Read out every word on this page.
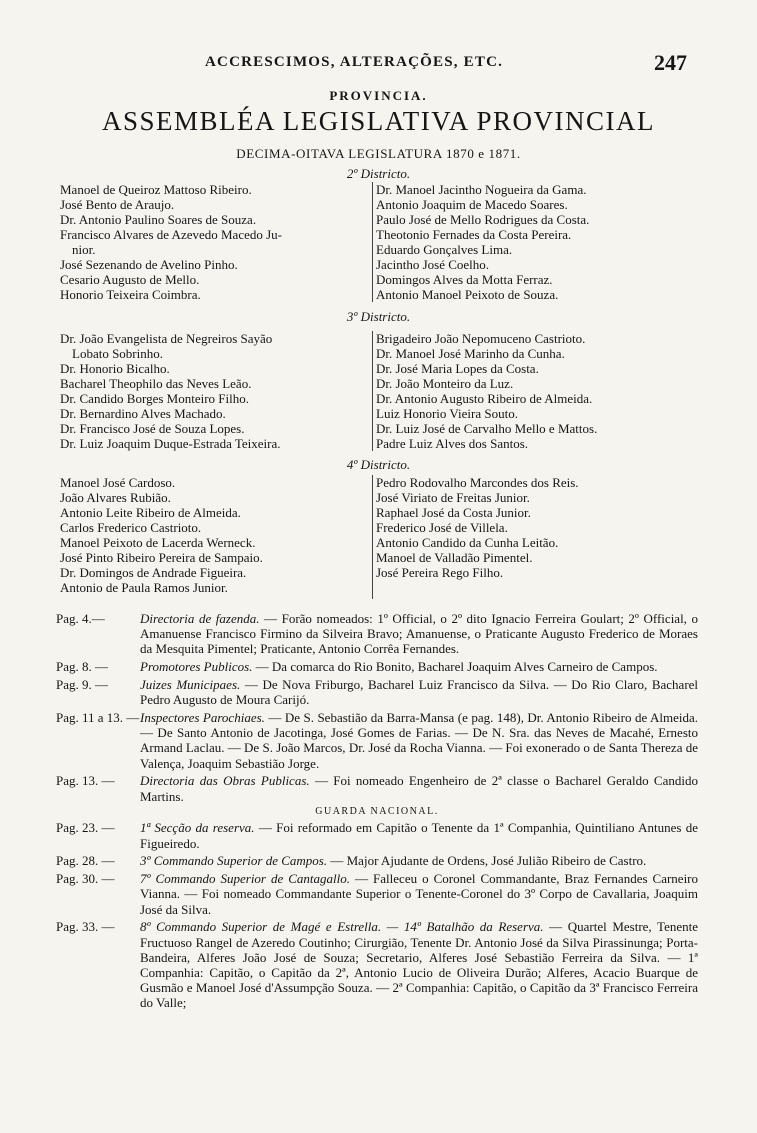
ACCRESCIMOS, ALTERAÇÕES, ETC.	247
PROVINCIA.
ASSEMBLÉA LEGISLATIVA PROVINCIAL
DECIMA-OITAVA LEGISLATURA 1870 e 1871.
2º Districto.
Manoel de Queiroz Mattoso Ribeiro.
José Bento de Araujo.
Dr. Antonio Paulino Soares de Souza.
Francisco Alvares de Azevedo Macedo Ju-
nior.
José Sezenando de Avelino Pinho.
Cesario Augusto de Mello.
Honorio Teixeira Coimbra.
Dr. Manoel Jacintho Nogueira da Gama.
Antonio Joaquim de Macedo Soares.
Paulo José de Mello Rodrigues da Costa.
Theotonio Fernades da Costa Pereira.
Eduardo Gonçalves Lima.
Jacintho José Coelho.
Domingos Alves da Motta Ferraz.
Antonio Manoel Peixoto de Souza.
3º Districto.
Dr. João Evangelista de Negreiros Sayão
Lobato Sobrinho.
Dr. Honorio Bicalho.
Bacharel Theophilo das Neves Leão.
Dr. Candido Borges Monteiro Filho.
Dr. Bernardino Alves Machado.
Dr. Francisco José de Souza Lopes.
Dr. Luiz Joaquim Duque-Estrada Teixeira.
Brigadeiro João Nepomuceno Castrioto.
Dr. Manoel José Marinho da Cunha.
Dr. José Maria Lopes da Costa.
Dr. João Monteiro da Luz.
Dr. Antonio Augusto Ribeiro de Almeida.
Luiz Honorio Vieira Souto.
Dr. Luiz José de Carvalho Mello e Mattos.
Padre Luiz Alves dos Santos.
4º Districto.
Manoel José Cardoso.
João Alvares Rubião.
Antonio Leite Ribeiro de Almeida.
Carlos Frederico Castrioto.
Manoel Peixoto de Lacerda Werneck.
José Pinto Ribeiro Pereira de Sampaio.
Dr. Domingos de Andrade Figueira.
Antonio de Paula Ramos Junior.
Pedro Rodovalho Marcondes dos Reis.
José Viriato de Freitas Junior.
Raphael José da Costa Junior.
Frederico José de Villela.
Antonio Candido da Cunha Leitão.
Manoel de Valladão Pimentel.
José Pereira Rego Filho.
Pag. 4.—	Directoria de fazenda. — Forão nomeados: 1º Official, o 2º dito Ignacio Ferreira Goulart; 2º Official, o Amanuense Francisco Firmino da Silveira Bravo; Amanuense, o Praticante Augusto Frederico de Moraes da Mesquita Pimentel; Praticante, Antonio Corrêa Fernandes.
Pag. 8. — Promotores Publicos. — Da comarca do Rio Bonito, Bacharel Joaquim Alves Carneiro de Campos.
Pag. 9. — Juizes Municipaes. — De Nova Friburgo, Bacharel Luiz Francisco da Silva. — Do Rio Claro, Bacharel Pedro Augusto de Moura Carijó.
Pag. 11 a 13. —Inspectores Parochiaes. — De S. Sebastião da Barra-Mansa (e pag. 148), Dr. Antonio Ribeiro de Almeida. — De Santo Antonio de Jacotinga, José Gomes de Farias. — De N. Sra. das Neves de Macahé, Ernesto Armand Laclau. — De S. João Marcos, Dr. José da Rocha Vianna. — Foi exonerado o de Santa Thereza de Valença, Joaquim Sebastião Jorge.
Pag. 13. — Directoria das Obras Publicas. — Foi nomeado Engenheiro de 2ª classe o Bacharel Geraldo Candido Martins.
GUARDA NACIONAL.
Pag. 23. — 1ª Secção da reserva. — Foi reformado em Capitão o Tenente da 1ª Companhia, Quintiliano Antunes de Figueiredo.
Pag. 28. — 3º Commando Superior de Campos. — Major Ajudante de Ordens, José Julião Ribeiro de Castro.
Pag. 30. — 7º Commando Superior de Cantagallo. — Falleceu o Coronel Commandante, Braz Fernandes Carneiro Vianna. — Foi nomeado Commandante Superior o Tenente-Coronel do 3º Corpo de Cavallaria, Joaquim José da Silva.
Pag. 33. — 8º Commando Superior de Magé e Estrella. — 14º Batalhão da Reserva. — Quartel Mestre, Tenente Fructuoso Rangel de Azeredo Coutinho; Cirurgião, Tenente Dr. Antonio José da Silva Pirassinunga; Porta-Bandeira, Alferes João José de Souza; Secretario, Alferes José Sebastião Ferreira da Silva. — 1ª Companhia: Capitão, o Capitão da 2ª, Antonio Lucio de Oliveira Durão; Alferes, Acacio Buarque de Gusmão e Manoel José d'Assumpção Souza. — 2ª Companhia: Capitão, o Capitão da 3ª Francisco Ferreira do Valle;
